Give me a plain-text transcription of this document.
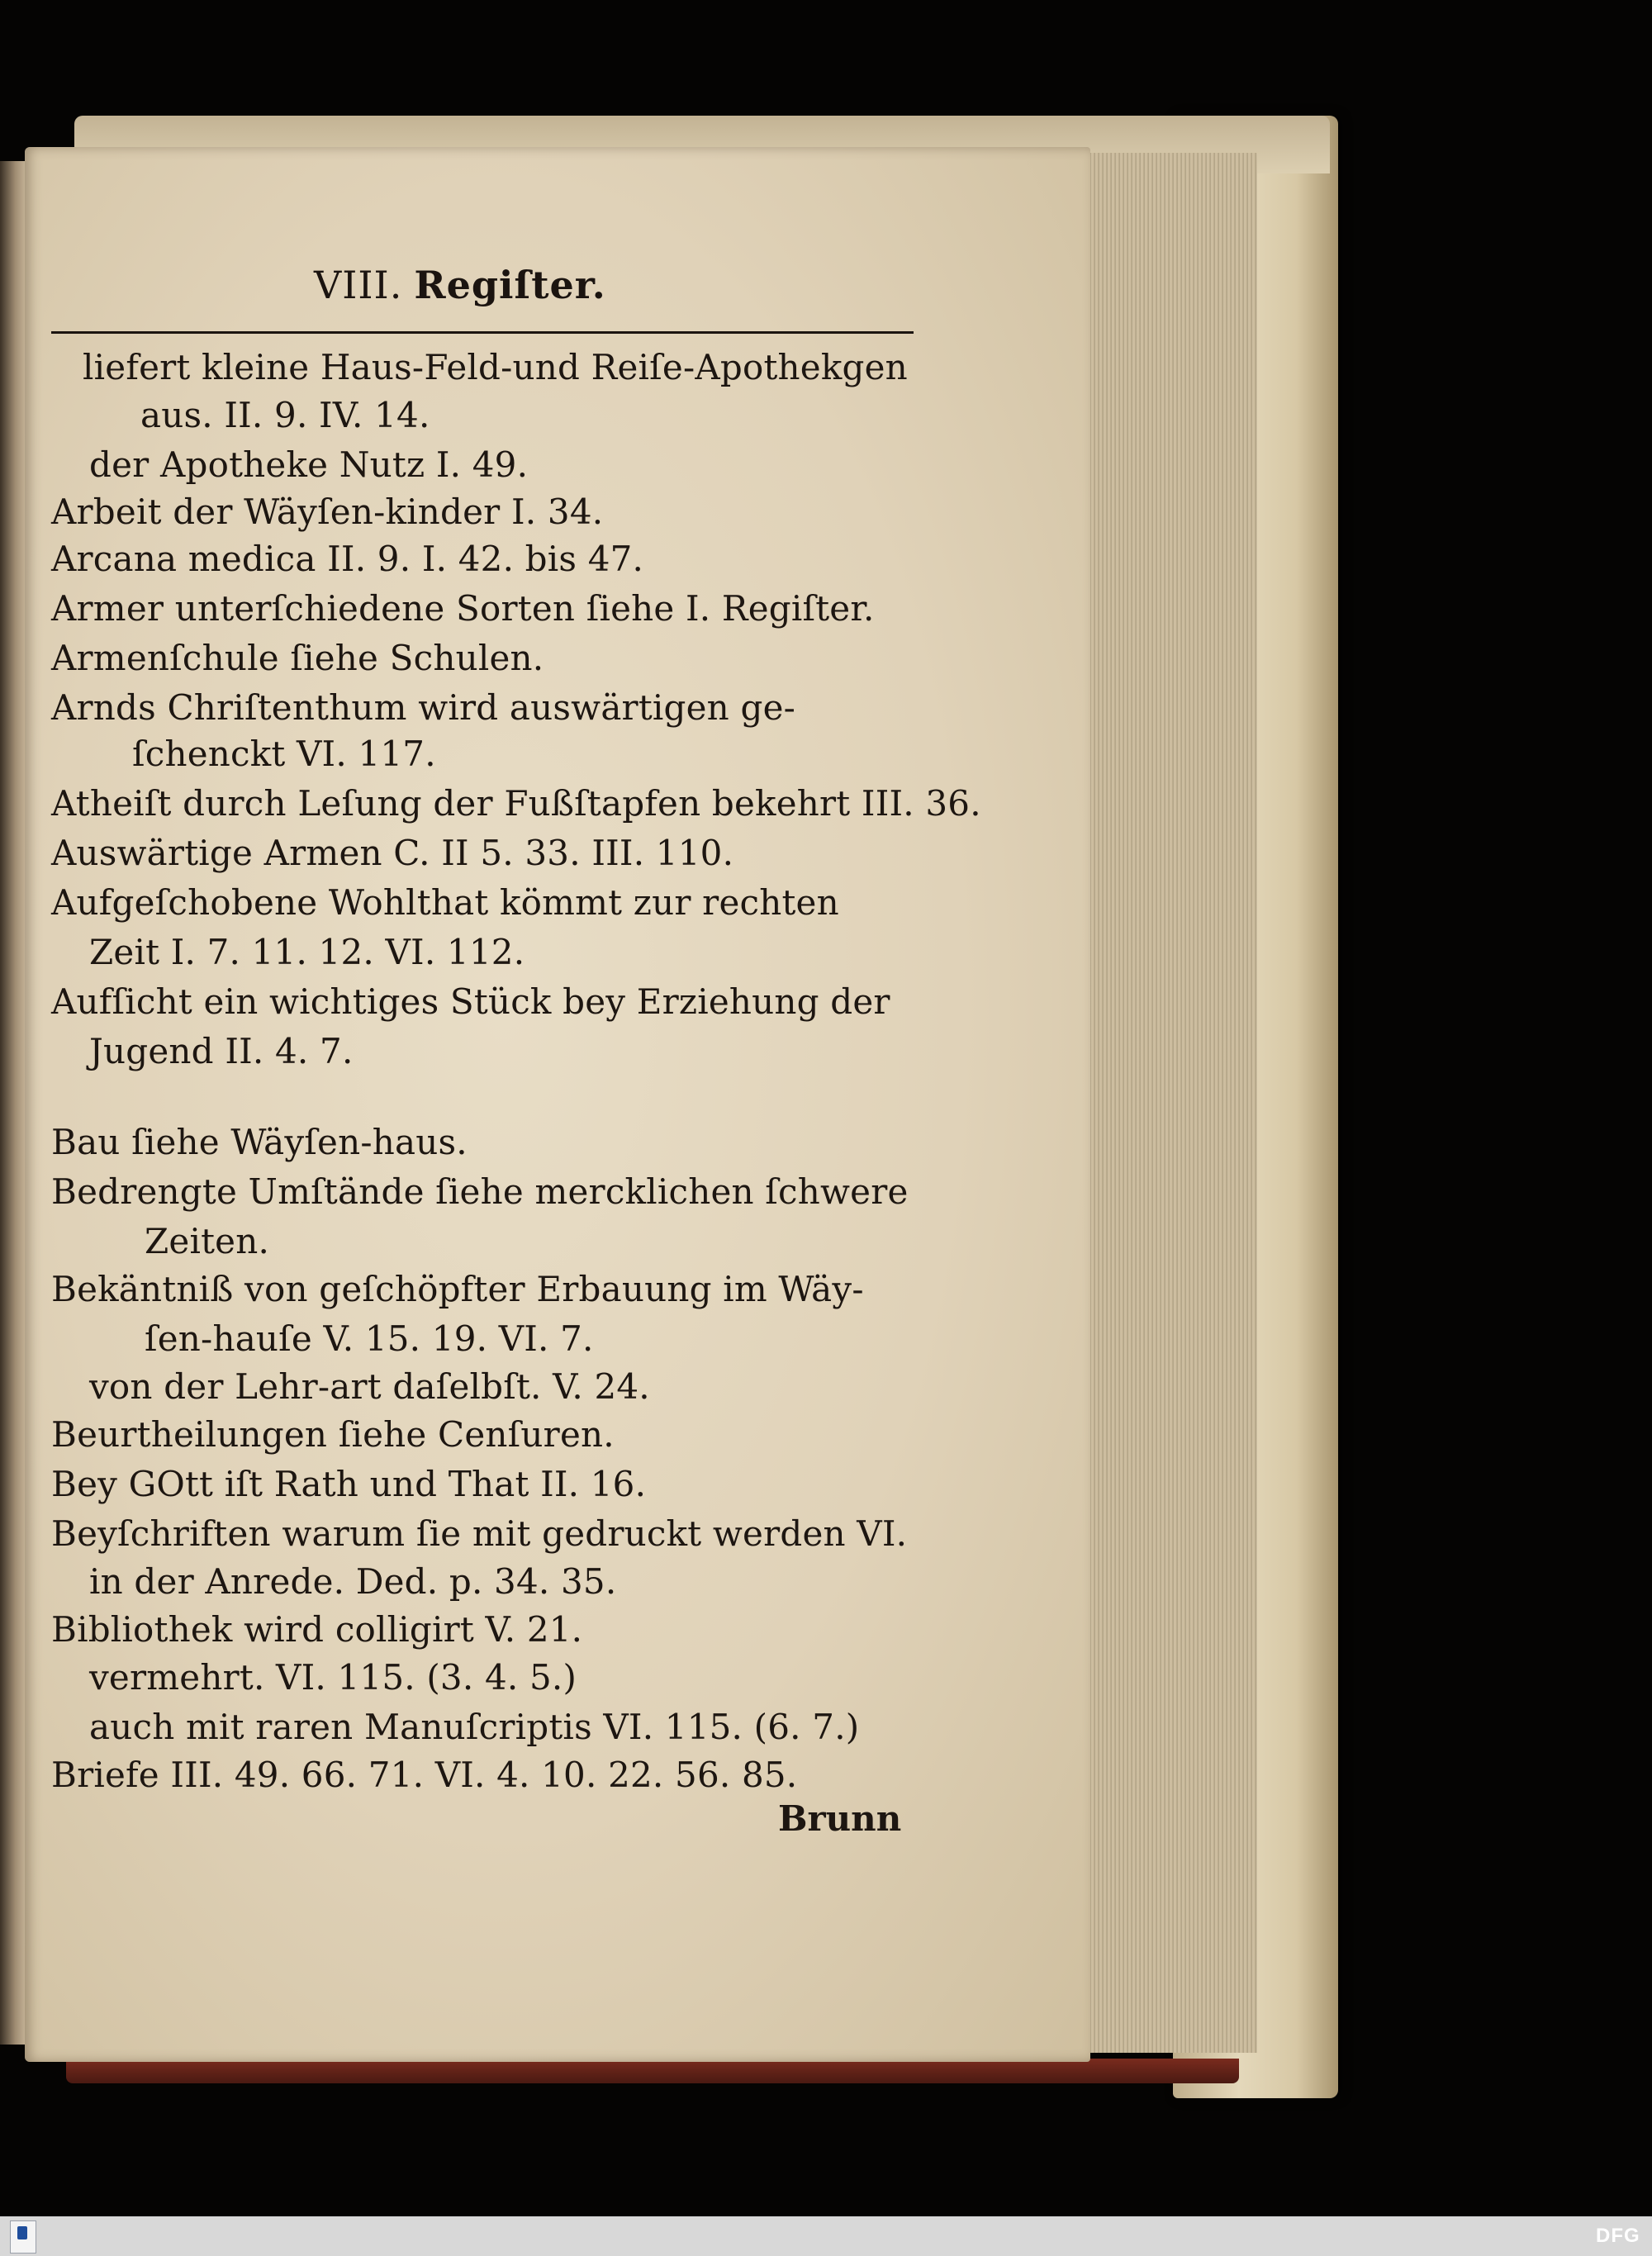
VIII. Regiſter.
liefert kleine Haus-Feld-und Reiſe-Apothekgen
aus. II. 9. IV. 14.
der Apotheke Nutz I. 49.
Arbeit der Wäyſen-kinder I. 34.
Arcana medica II. 9. I. 42. bis 47.
Armer unterſchiedene Sorten ſiehe I. Regiſter.
Armenſchule ſiehe Schulen.
Arnds Chriſtenthum wird auswärtigen ge-
ſchenckt VI. 117.
Atheiſt durch Leſung der Fußſtapfen bekehrt III. 36.
Auswärtige Armen C. II 5. 33. III. 110.
Aufgeſchobene Wohlthat kömmt zur rechten
Zeit I. 7. 11. 12. VI. 112.
Aufſicht ein wichtiges Stück bey Erziehung der
Jugend II. 4. 7.
Bau ſiehe Wäyſen-haus.
Bedrengte Umſtände ſiehe mercklichen ſchwere
Zeiten.
Bekäntniß von geſchöpfter Erbauung im Wäy-
ſen-hauſe V. 15. 19. VI. 7.
von der Lehr-art daſelbſt. V. 24.
Beurtheilungen ſiehe Cenſuren.
Bey GOtt iſt Rath und That II. 16.
Beyſchriften warum ſie mit gedruckt werden VI.
in der Anrede. Ded. p. 34. 35.
Bibliothek wird colligirt V. 21.
vermehrt. VI. 115. (3. 4. 5.)
auch mit raren Manuſcriptis VI. 115. (6. 7.)
Briefe III. 49. 66. 71. VI. 4. 10. 22. 56. 85.
Brunn
DFG
